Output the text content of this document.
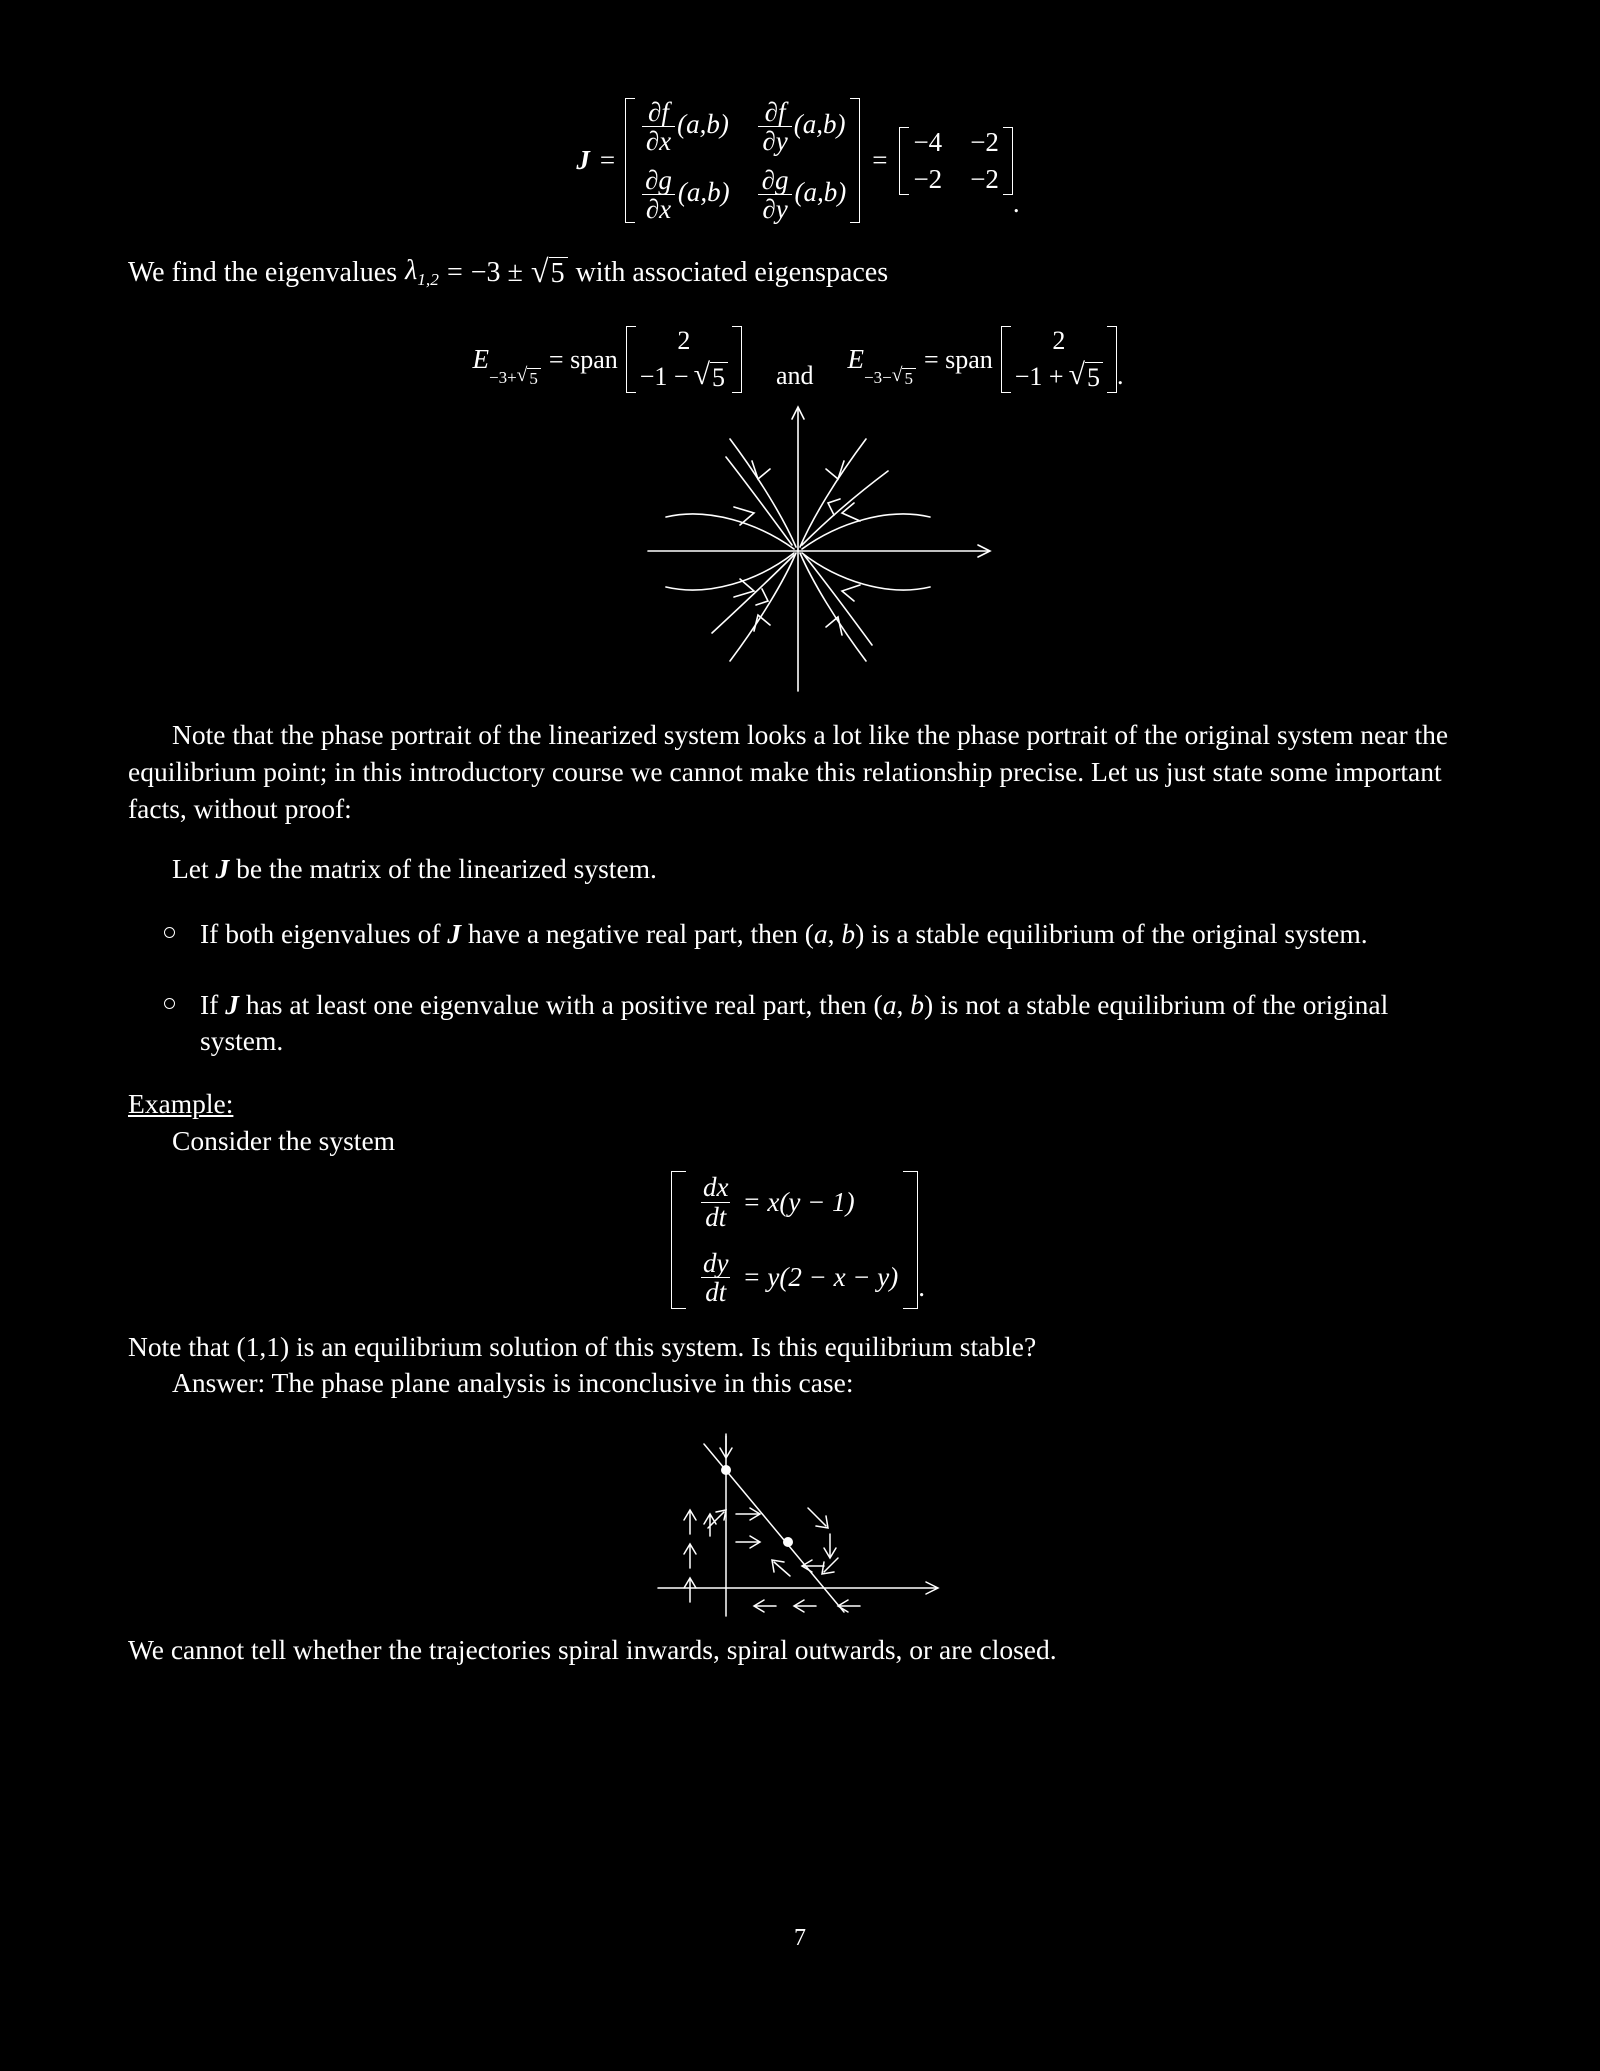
J =
$\frac{\partial f}{\partial x} (a,b) \frac{\partial f}{\partial y} (a,b)$
$\frac{\partial g}{\partial x} (a,b) \frac{\partial g}{\partial y} (a,b)$
=
−4 −2
−2 −2
.
We find the eigenvalues $\lambda_{1,2} = -3$ ± √ 5 with associated eigenspaces
E
−3+ √ 5
= span
2
−1 − √ 5 and
E
−3− √ 5
= span
2
−1 + √ 5 .

Note that the phase portrait of the linearized system looks a lot like the phase portrait of the original system near the equilibrium point; in this introductory course we cannot make this relationship precise. Let us just state some important facts, without proof:

Let J be the matrix of the linearized system.

If both eigenvalues of J have a negative real part, then (a, b) is a stable equilibrium of the original system.
If J has at least one eigenvalue with a positive real part, then (a, b) is not a stable equilibrium of the original system.

Example:

Consider the system

$\frac{dx}{dt} = x(y - 1)$
$\frac{dy}{dt} = y(2 - x - y)$ .

Note that (1,1) is an equilibrium solution of this system. Is this equilibrium stable?

Answer: The phase plane analysis is inconclusive in this case:

We cannot tell whether the trajectories spiral inwards, spiral outwards, or are closed.

7
